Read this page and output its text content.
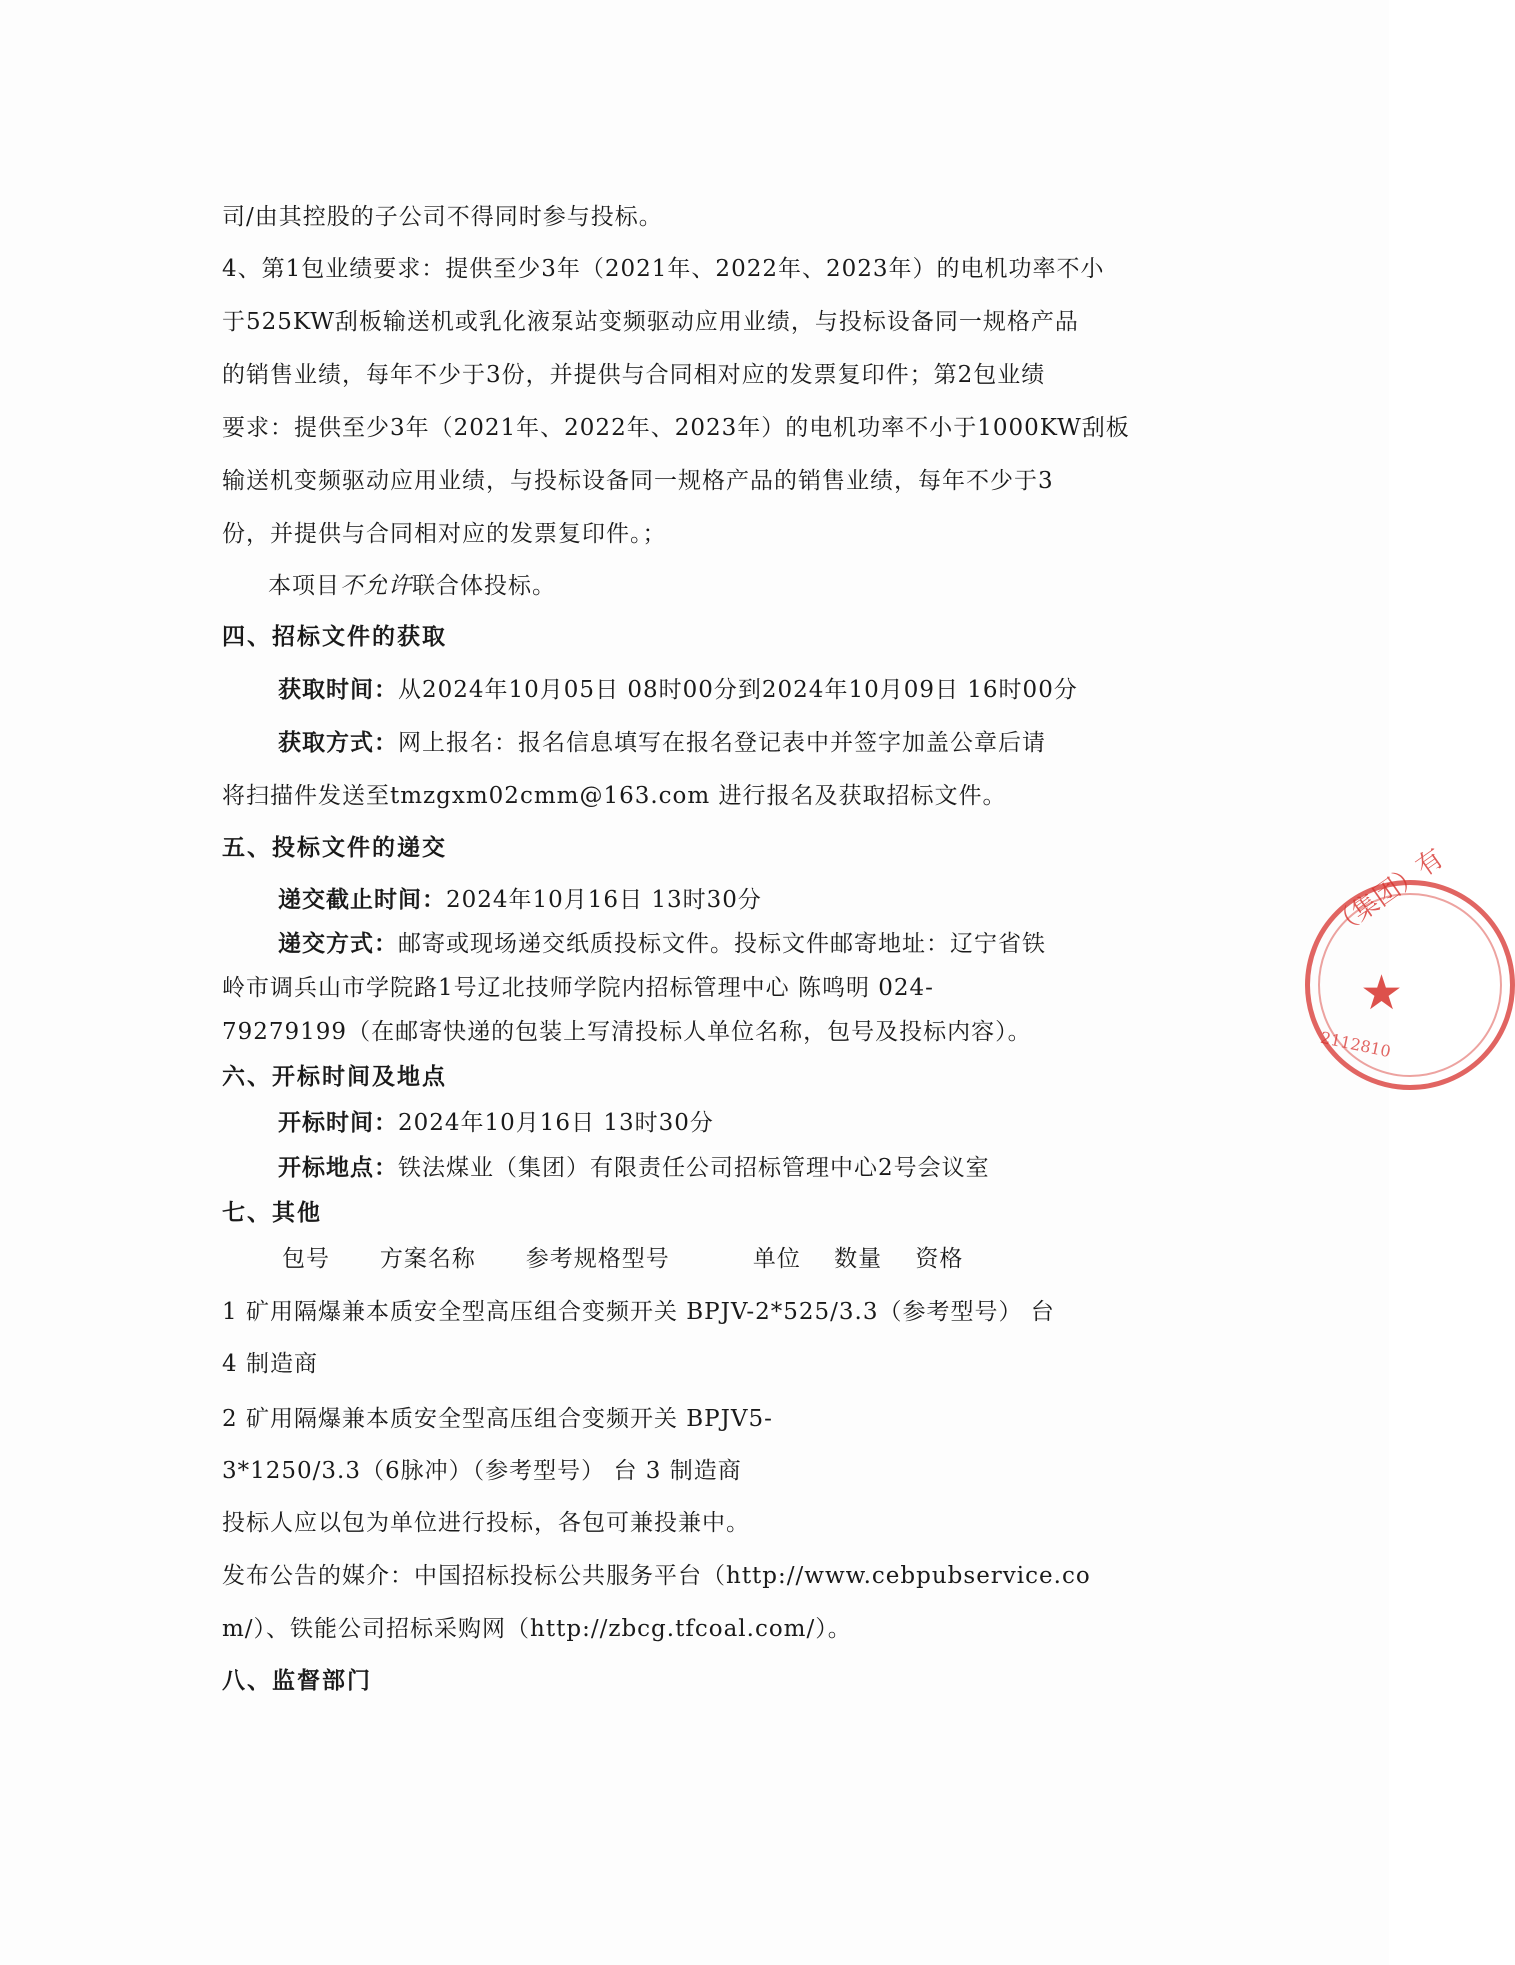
司/由其控股的子公司不得同时参与投标。
4、第1包业绩要求：提供至少3年（2021年、2022年、2023年）的电机功率不小
于525KW刮板输送机或乳化液泵站变频驱动应用业绩，与投标设备同一规格产品
的销售业绩，每年不少于3份，并提供与合同相对应的发票复印件；第2包业绩
要求：提供至少3年（2021年、2022年、2023年）的电机功率不小于1000KW刮板
输送机变频驱动应用业绩，与投标设备同一规格产品的销售业绩，每年不少于3
份，并提供与合同相对应的发票复印件。；
本项目不允许联合体投标。
四、招标文件的获取
获取时间：从2024年10月05日 08时00分到2024年10月09日 16时00分
获取方式：网上报名：报名信息填写在报名登记表中并签字加盖公章后请
将扫描件发送至tmzgxm02cmm@163.com 进行报名及获取招标文件。
五、投标文件的递交
递交截止时间：2024年10月16日 13时30分
递交方式：邮寄或现场递交纸质投标文件。投标文件邮寄地址：辽宁省铁
岭市调兵山市学院路1号辽北技师学院内招标管理中心 陈鸣明 024-
79279199（在邮寄快递的包装上写清投标人单位名称，包号及投标内容）。
六、开标时间及地点
开标时间：2024年10月16日 13时30分
开标地点：铁法煤业（集团）有限责任公司招标管理中心2号会议室
七、其他
包号      方案名称      参考规格型号          单位    数量    资格
1 矿用隔爆兼本质安全型高压组合变频开关 BPJV-2*525/3.3（参考型号） 台
4 制造商
2 矿用隔爆兼本质安全型高压组合变频开关 BPJV5-
3*1250/3.3（6脉冲）（参考型号） 台 3 制造商
投标人应以包为单位进行投标，各包可兼投兼中。
发布公告的媒介：中国招标投标公共服务平台（http://www.cebpubservice.co
m/）、铁能公司招标采购网（http://zbcg.tfcoal.com/）。
八、监督部门
（集团）有
★
2112810
